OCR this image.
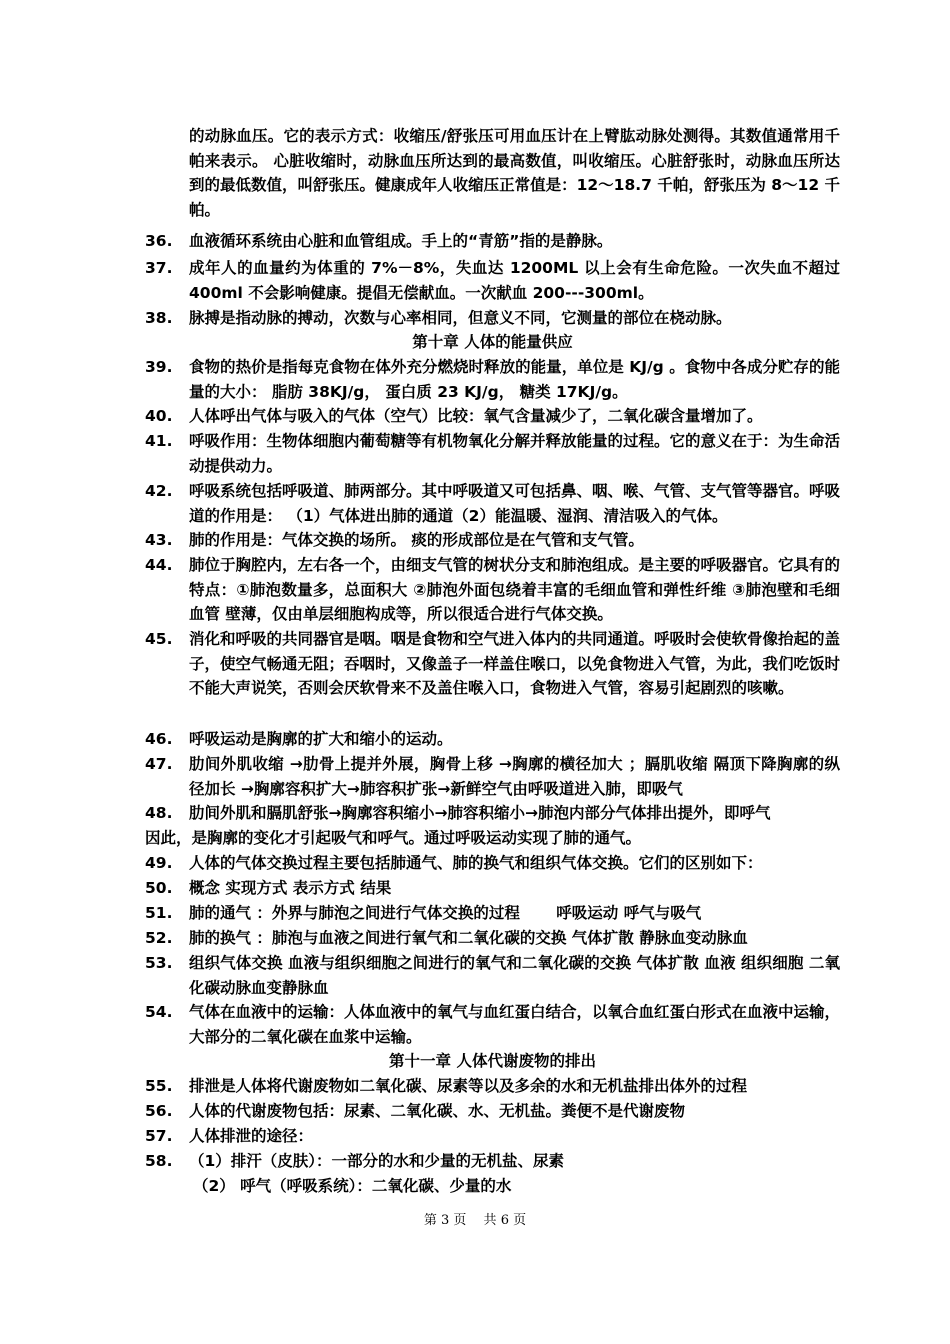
的动脉血压。它的表示方式：收缩压/舒张压可用血压计在上臂肱动脉处测得。其数值通常用千帕来表示。 心脏收缩时，动脉血压所达到的最高数值，叫收缩压。心脏舒张时，动脉血压所达到的最低数值，叫舒张压。健康成年人收缩压正常值是：12～18.7 千帕，舒张压为 8～12 千帕。
36.	血液循环系统由心脏和血管组成。手上的“青筋”指的是静脉。
37.	成年人的血量约为体重的 7%－8%，失血达 1200ML 以上会有生命危险。一次失血不超过 400ml 不会影响健康。提倡无偿献血。一次献血 200---300ml。
38.	脉搏是指动脉的搏动，次数与心率相同，但意义不同，它测量的部位在桡动脉。
第十章 人体的能量供应
39.	食物的热价是指每克食物在体外充分燃烧时释放的能量，单位是 KJ/g 。食物中各成分贮存的能量的大小： 脂肪 38KJ/g， 蛋白质 23 KJ/g， 糖类 17KJ/g。
40.	人体呼出气体与吸入的气体（空气）比较：氧气含量减少了，二氧化碳含量增加了。
41.	呼吸作用：生物体细胞内葡萄糖等有机物氧化分解并释放能量的过程。它的意义在于：为生命活动提供动力。
42.	呼吸系统包括呼吸道、肺两部分。其中呼吸道又可包括鼻、咽、喉、气管、支气管等器官。呼吸道的作用是： （1）气体进出肺的通道（2）能温暖、湿润、清洁吸入的气体。
43.	肺的作用是：气体交换的场所。 痰的形成部位是在气管和支气管。
44.	肺位于胸腔内，左右各一个，由细支气管的树状分支和肺泡组成。是主要的呼吸器官。它具有的特点：①肺泡数量多，总面积大 ②肺泡外面包绕着丰富的毛细血管和弹性纤维 ③肺泡壁和毛细血管 壁薄，仅由单层细胞构成等，所以很适合进行气体交换。
45.	消化和呼吸的共同器官是咽。咽是食物和空气进入体内的共同通道。呼吸时会使软骨像抬起的盖子，使空气畅通无阻；吞咽时，又像盖子一样盖住喉口，以免食物进入气管，为此，我们吃饭时不能大声说笑，否则会厌软骨来不及盖住喉入口，食物进入气管，容易引起剧烈的咳嗽。
46.	呼吸运动是胸廓的扩大和缩小的运动。
47.	肋间外肌收缩 →肋骨上提并外展，胸骨上移 →胸廓的横径加大 ；膈肌收缩 隔顶下降胸廓的纵径加长 →胸廓容积扩大→肺容积扩张→新鲜空气由呼吸道进入肺，即吸气
48.	肋间外肌和膈肌舒张→胸廓容积缩小→肺容积缩小→肺泡内部分气体排出提外，即呼气
因此，是胸廓的变化才引起吸气和呼气。通过呼吸运动实现了肺的通气。
49.	人体的气体交换过程主要包括肺通气、肺的换气和组织气体交换。它们的区别如下：
50.	概念 实现方式 表示方式 结果
51.	肺的通气 ：外界与肺泡之间进行气体交换的过程　　 呼吸运动 呼气与吸气
52.	肺的换气 ：肺泡与血液之间进行氧气和二氧化碳的交换 气体扩散 静脉血变动脉血
53.	组织气体交换 血液与组织细胞之间进行的氧气和二氧化碳的交换 气体扩散 血液 组织细胞 二氧化碳动脉血变静脉血
54.	气体在血液中的运输：人体血液中的氧气与血红蛋白结合，以氧合血红蛋白形式在血液中运输，大部分的二氧化碳在血浆中运输。
第十一章 人体代谢废物的排出
55.	排泄是人体将代谢废物如二氧化碳、尿素等以及多余的水和无机盐排出体外的过程
56.	人体的代谢废物包括：尿素、二氧化碳、水、无机盐。粪便不是代谢废物
57.	人体排泄的途径：
58.	（1）排汗（皮肤）：一部分的水和少量的无机盐、尿素
（2） 呼气（呼吸系统）：二氧化碳、少量的水
第 3 页　 共 6 页
